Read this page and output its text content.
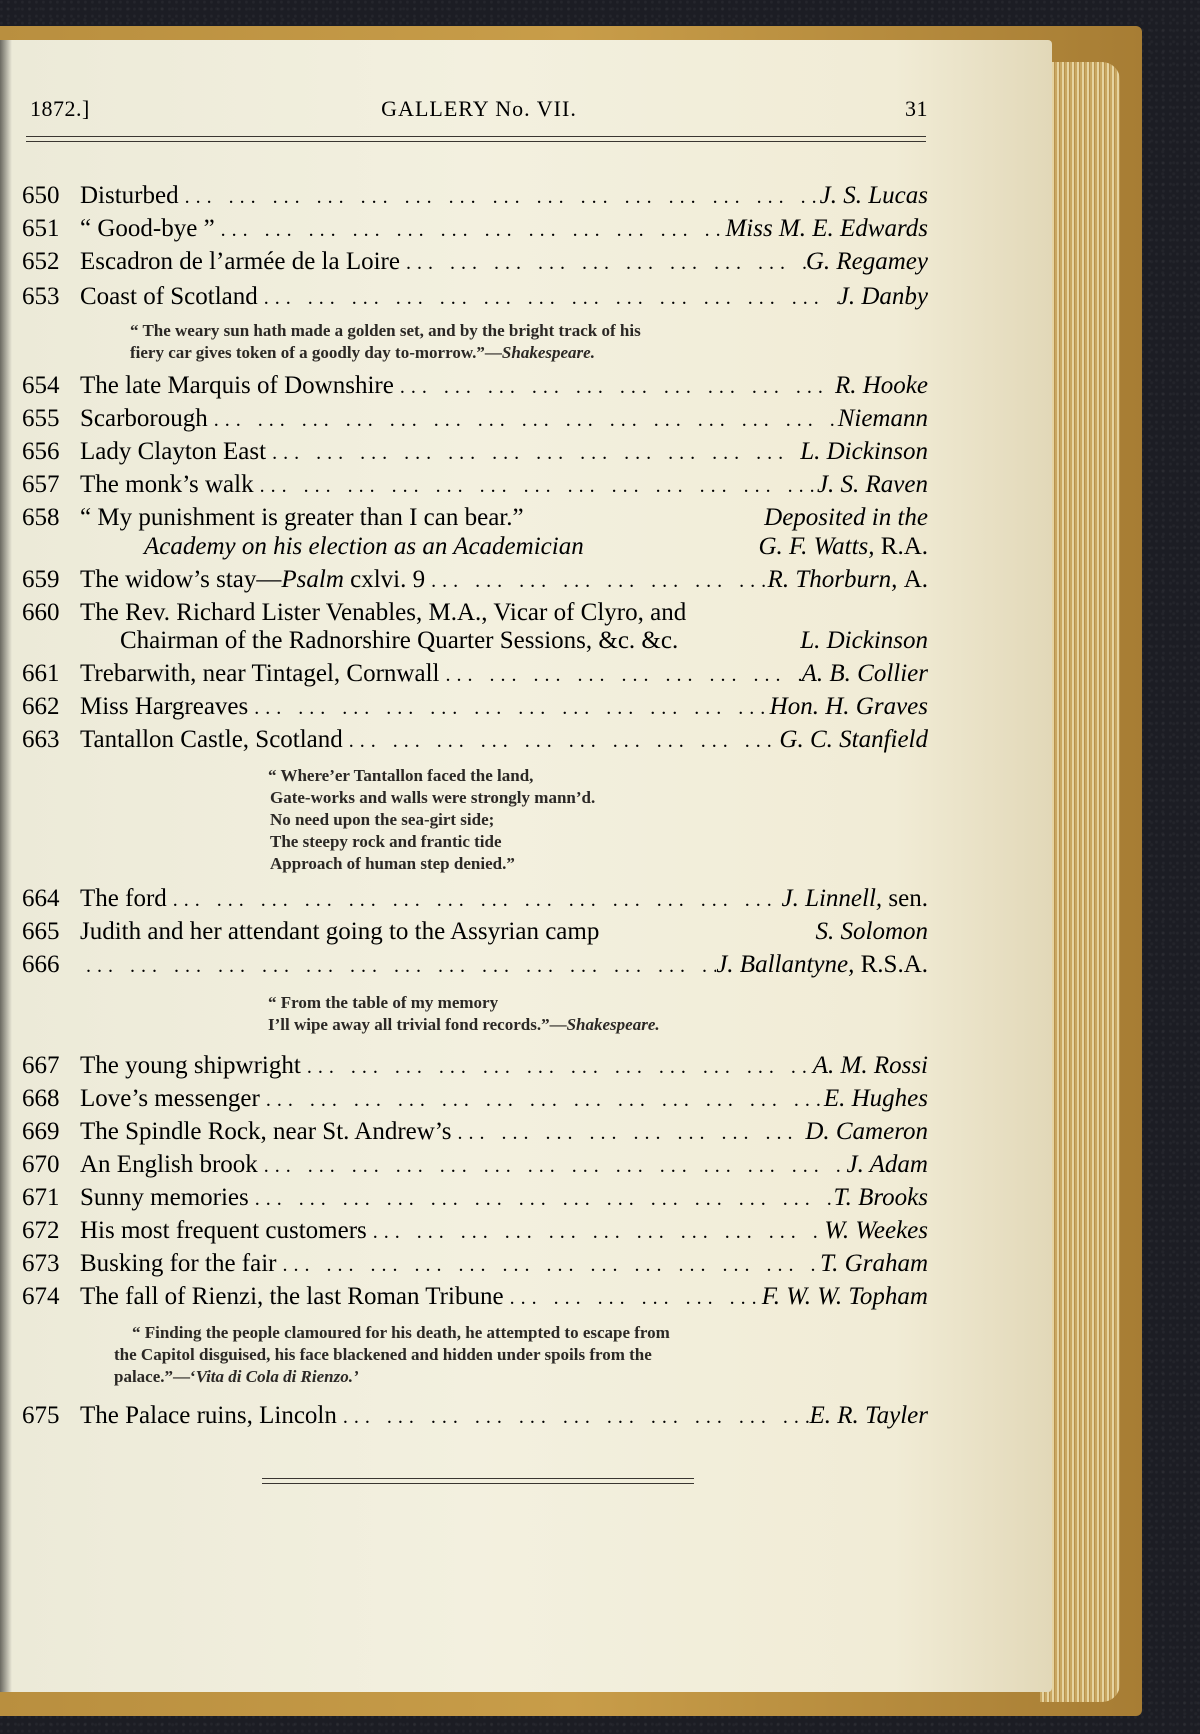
1872.]	GALLERY No. VII.	31
650 Disturbed ... .	J. S. Lucas
651 “ Good-bye ” ... .	Miss M. E. Edwards
652 Escadron de l’armée de la Loire ... .	G. Regamey
653 Coast of Scotland ... .	J. Danby
“ The weary sun hath made a golden set, and by the bright track of his
fiery car gives token of a goodly day to-morrow.”—Shakespeare.
654 The late Marquis of Downshire ... .	R. Hooke
655 Scarborough ... .	Niemann
656 Lady Clayton East ... .	L. Dickinson
657 The monk’s walk ... .	J. S. Raven
658 “ My punishment is greater than I can bear.”	Deposited in the
Academy on his election as an Academician	G. F. Watts, R.A.
659 The widow’s stay—Psalm cxlvi. 9 ... .	R. Thorburn, A.
660 The Rev. Richard Lister Venables, M.A., Vicar of Clyro, and
Chairman of the Radnorshire Quarter Sessions, &c. &c.	L. Dickinson
661 Trebarwith, near Tintagel, Cornwall ... .	A. B. Collier
662 Miss Hargreaves ... .	Hon. H. Graves
663 Tantallon Castle, Scotland ... .	G. C. Stanfield
“ Where’er Tantallon faced the land,
Gate-works and walls were strongly mann’d.
No need upon the sea-girt side;
The steepy rock and frantic tide
Approach of human step denied.”
664 The ford ... .	J. Linnell, sen.
665 Judith and her attendant going to the Assyrian camp	S. Solomon
666 ... .	J. Ballantyne, R.S.A.
“ From the table of my memory
I’ll wipe away all trivial fond records.”—Shakespeare.
667 The young shipwright ... .	A. M. Rossi
668 Love’s messenger ... .	E. Hughes
669 The Spindle Rock, near St. Andrew’s ... .	D. Cameron
670 An English brook ... .	J. Adam
671 Sunny memories ... .	T. Brooks
672 His most frequent customers ... .	W. Weekes
673 Busking for the fair ... .	T. Graham
674 The fall of Rienzi, the last Roman Tribune ... .	F. W. W. Topham
“ Finding the people clamoured for his death, he attempted to escape from
the Capitol disguised, his face blackened and hidden under spoils from the
palace.”—‘Vita di Cola di Rienzo.’
675 The Palace ruins, Lincoln ... .	E. R. Tayler
